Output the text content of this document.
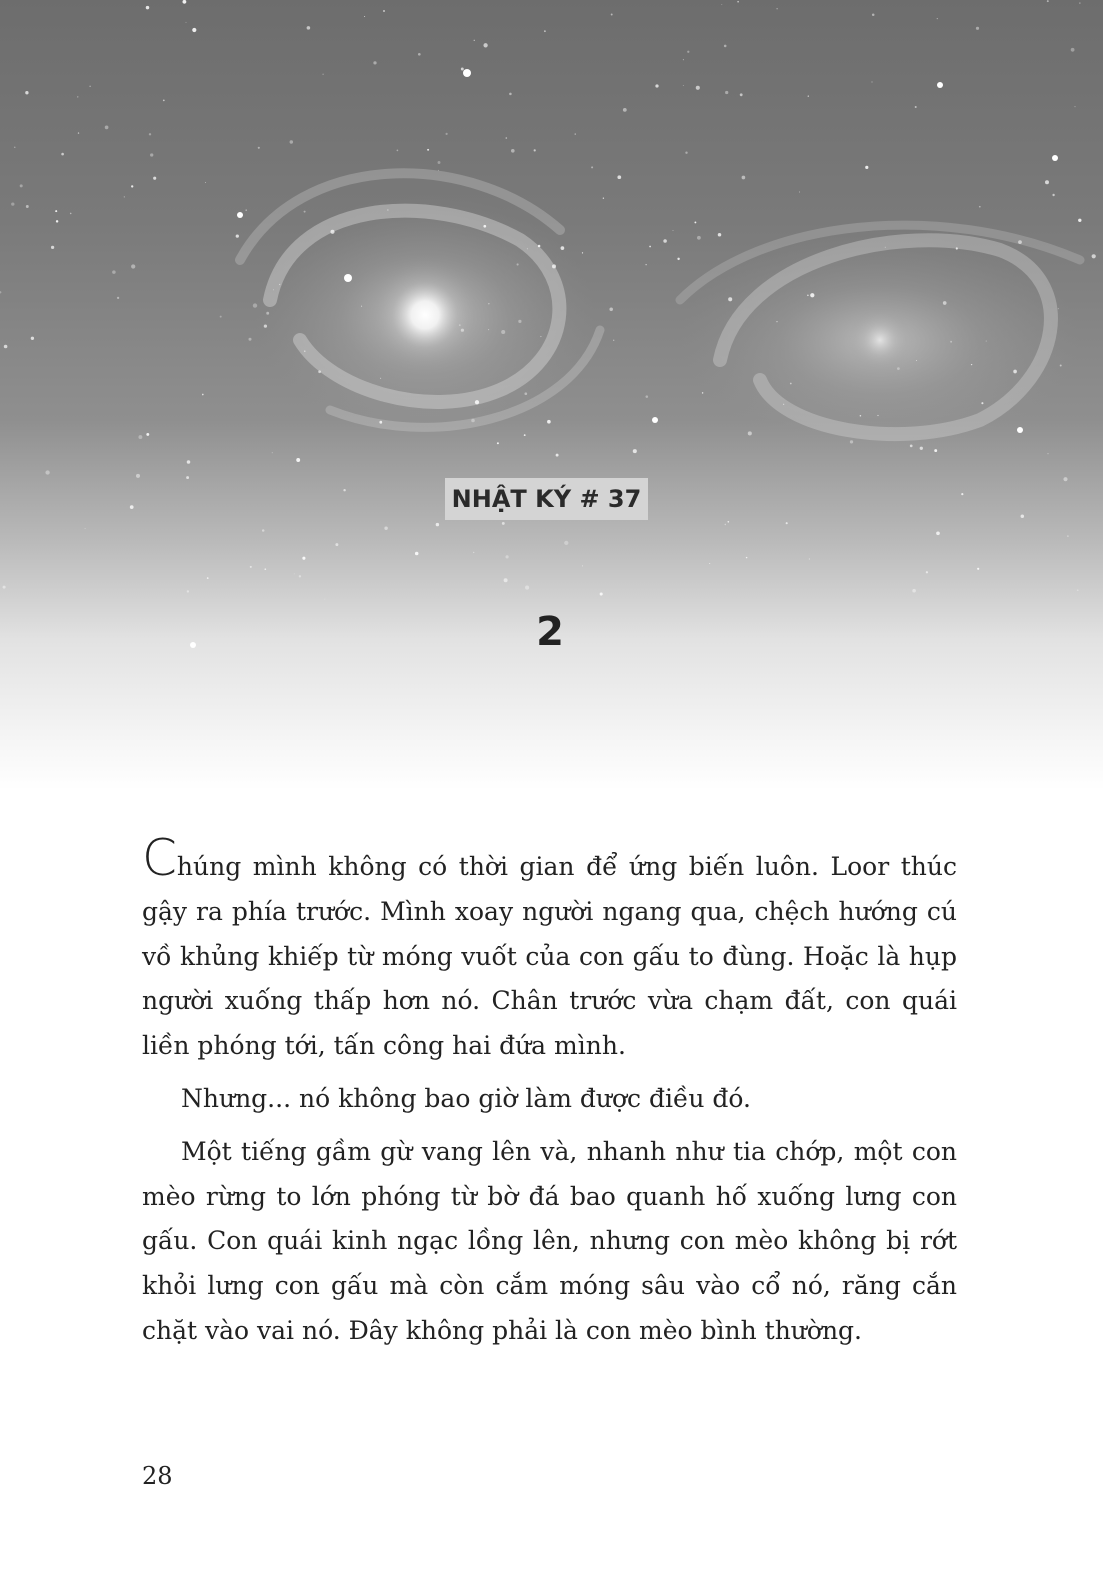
NHẬT KÝ # 37
2

Chúng mình không có thời gian để ứng biến luôn. Loor thúc gậy ra phía trước. Mình xoay người ngang qua, chệch hướng cú vồ khủng khiếp từ móng vuốt của con gấu to đùng. Hoặc là hụp người xuống thấp hơn nó. Chân trước vừa chạm đất, con quái liền phóng tới, tấn công hai đứa mình.

Nhưng... nó không bao giờ làm được điều đó.

Một tiếng gầm gừ vang lên và, nhanh như tia chớp, một con mèo rừng to lớn phóng từ bờ đá bao quanh hố xuống lưng con gấu. Con quái kinh ngạc lồng lên, nhưng con mèo không bị rớt khỏi lưng con gấu mà còn cắm móng sâu vào cổ nó, răng cắn chặt vào vai nó. Đây không phải là con mèo bình thường.

28
